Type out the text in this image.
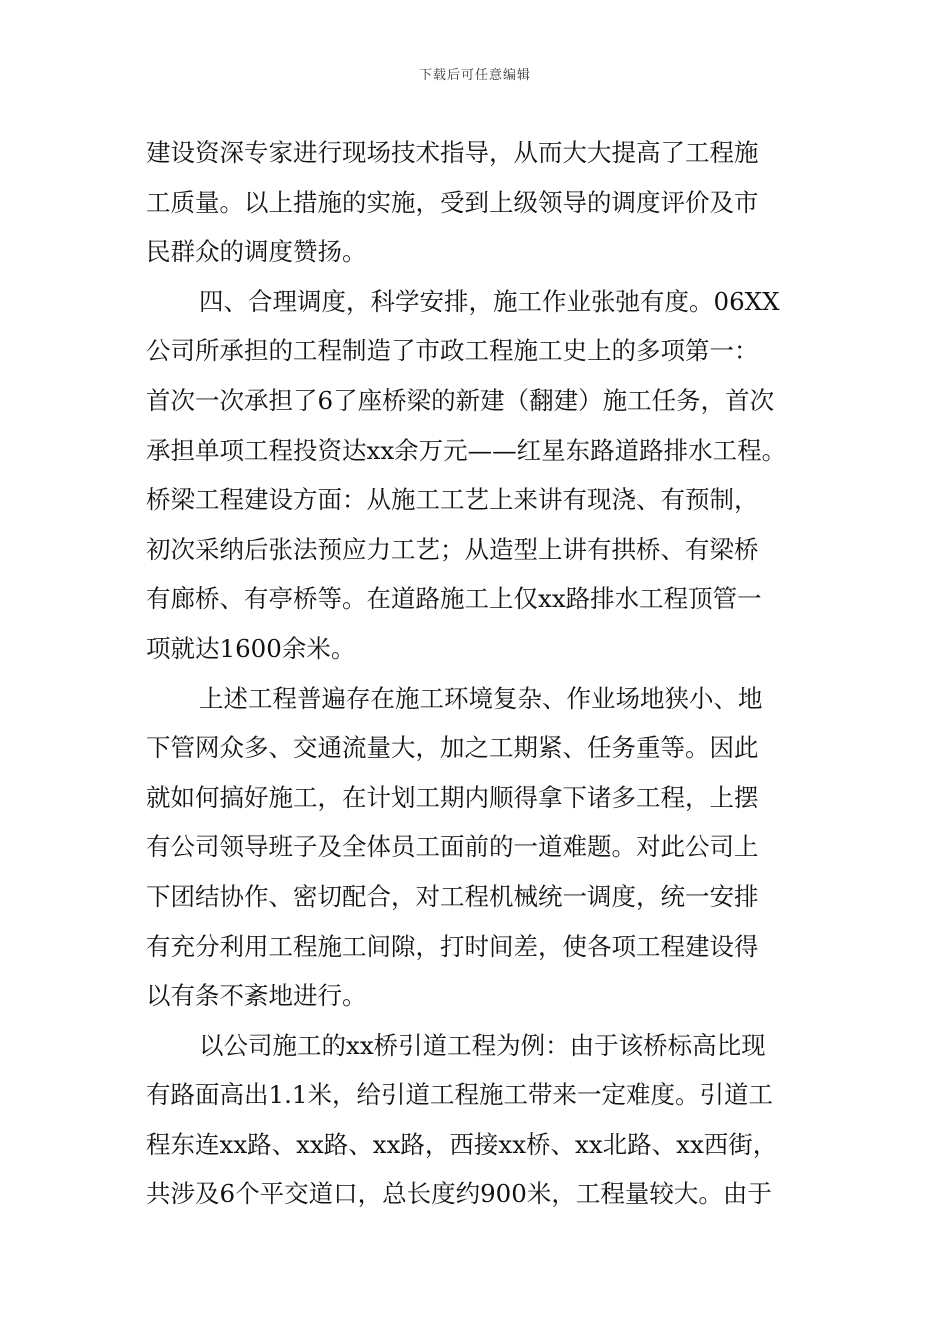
下载后可任意编辑
建设资深专家进行现场技术指导，从而大大提高了工程施
工质量。以上措施的实施，受到上级领导的调度评价及市
民群众的调度赞扬。
四、合理调度，科学安排，施工作业张弛有度。06XX
公司所承担的工程制造了市政工程施工史上的多项第一：
首次一次承担了6了座桥梁的新建（翻建）施工任务，首次
承担单项工程投资达xx余万元——红星东路道路排水工程。
桥梁工程建设方面：从施工工艺上来讲有现浇、有预制，
初次采纳后张法预应力工艺；从造型上讲有拱桥、有梁桥
有廊桥、有亭桥等。在道路施工上仅xx路排水工程顶管一
项就达1600余米。
上述工程普遍存在施工环境复杂、作业场地狭小、地
下管网众多、交通流量大，加之工期紧、任务重等。因此
就如何搞好施工，在计划工期内顺得拿下诸多工程，上摆
有公司领导班子及全体员工面前的一道难题。对此公司上
下团结协作、密切配合，对工程机械统一调度，统一安排
有充分利用工程施工间隙，打时间差，使各项工程建设得
以有条不紊地进行。
以公司施工的xx桥引道工程为例：由于该桥标高比现
有路面高出1.1米，给引道工程施工带来一定难度。引道工
程东连xx路、xx路、xx路，西接xx桥、xx北路、xx西街，
共涉及6个平交道口，总长度约900米，工程量较大。由于
